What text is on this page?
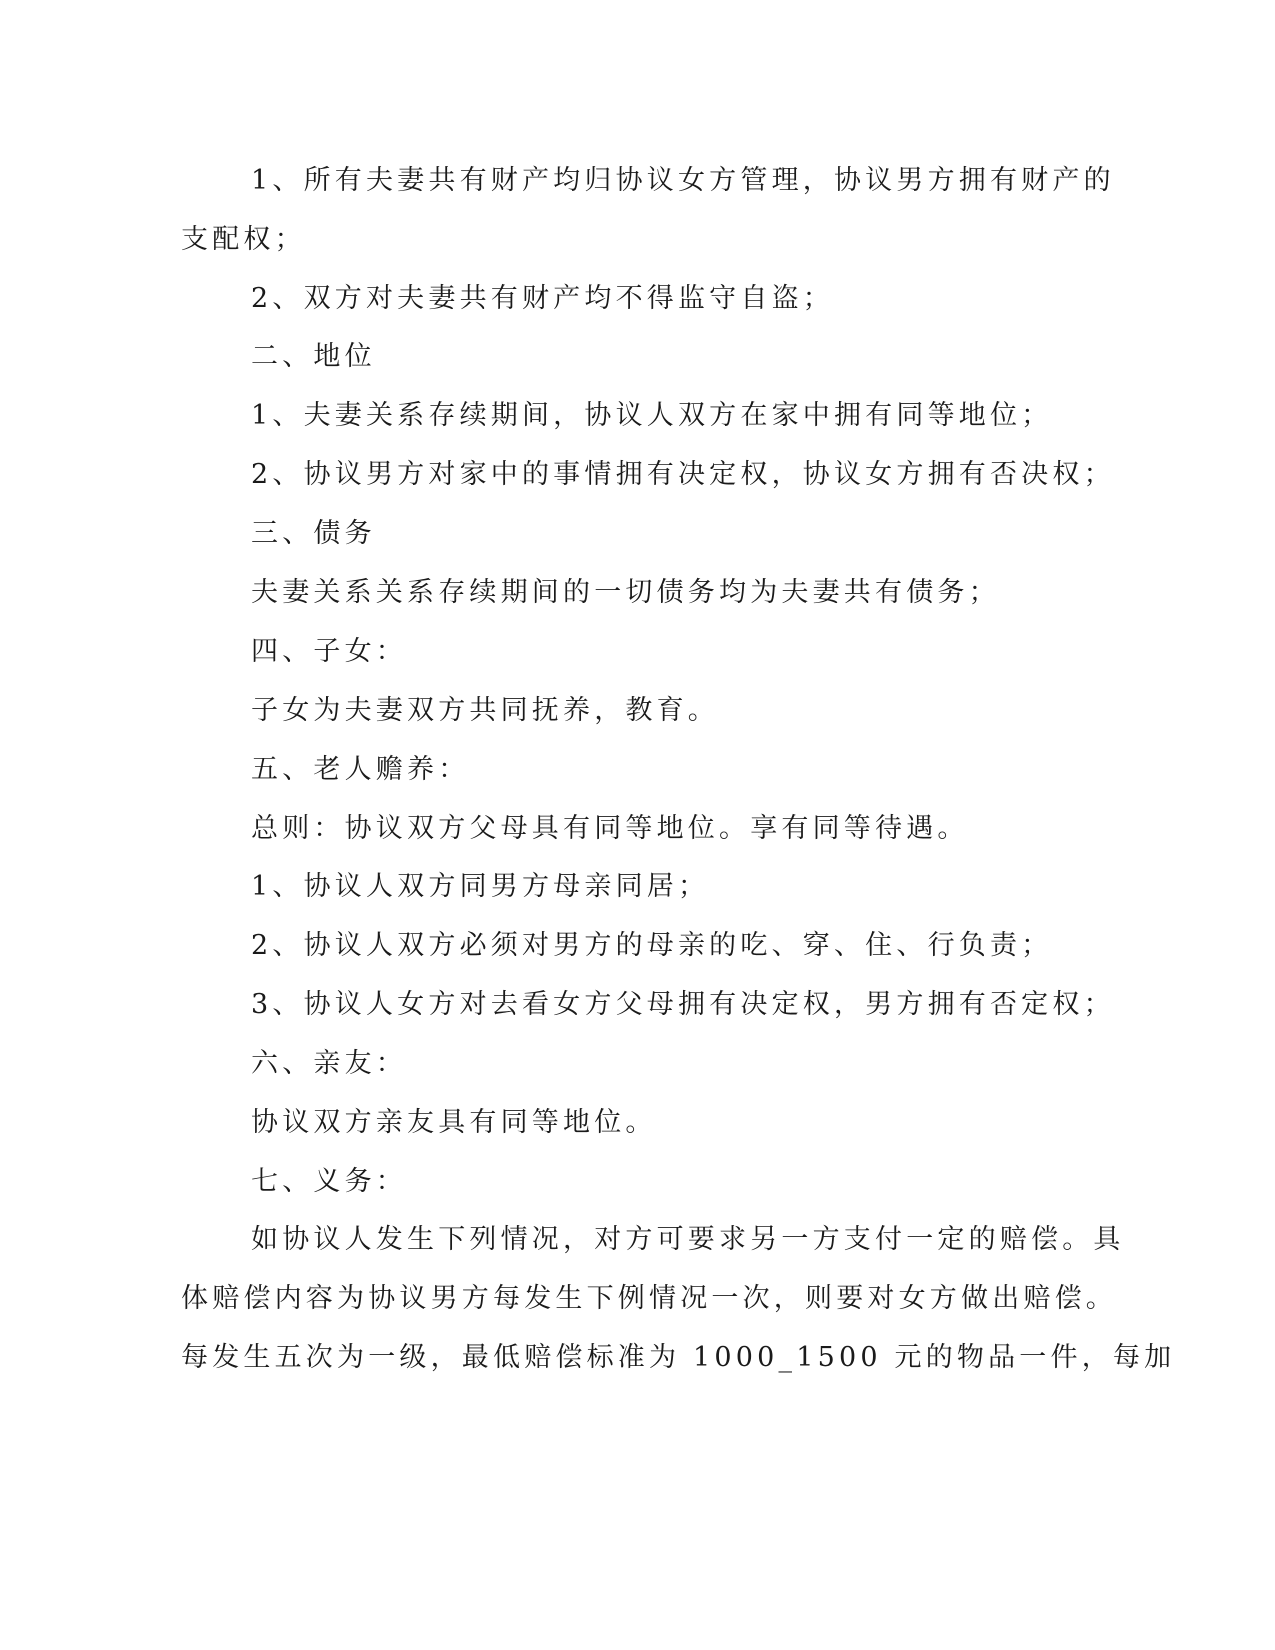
1、所有夫妻共有财产均归协议女方管理，协议男方拥有财产的
支配权；
2、双方对夫妻共有财产均不得监守自盗；
二、地位
1、夫妻关系存续期间，协议人双方在家中拥有同等地位；
2、协议男方对家中的事情拥有决定权，协议女方拥有否决权；
三、债务
夫妻关系关系存续期间的一切债务均为夫妻共有债务；
四、子女：
子女为夫妻双方共同抚养，教育。
五、老人赡养：
总则：协议双方父母具有同等地位。享有同等待遇。
1、协议人双方同男方母亲同居；
2、协议人双方必须对男方的母亲的吃、穿、住、行负责；
3、协议人女方对去看女方父母拥有决定权，男方拥有否定权；
六、亲友：
协议双方亲友具有同等地位。
七、义务：
如协议人发生下列情况，对方可要求另一方支付一定的赔偿。具
体赔偿内容为协议男方每发生下例情况一次，则要对女方做出赔偿。
每发生五次为一级，最低赔偿标准为 1000_1500 元的物品一件，每加
